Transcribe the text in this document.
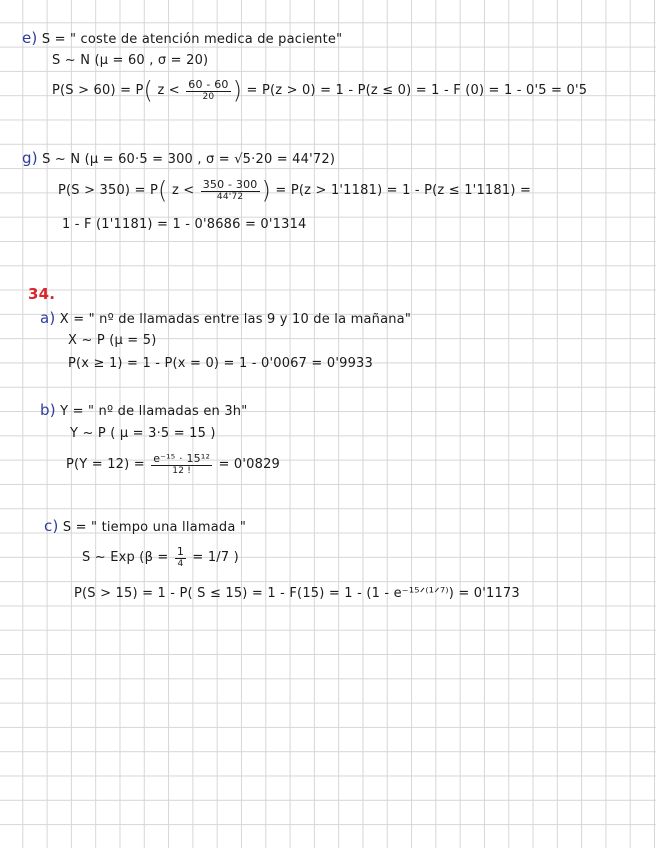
e) S = " coste de atención medica de paciente"
S ~ N (μ = 60 , σ = 20)
P(S > 60) = P( $z < \frac{60 - 60}{20}$ ) = P(z > 0) = 1 - P(z ≤ 0) = 1 - F (0) = 1 - 0'5 = 0'5
g) S ~ N (μ = 60·5 = 300 , σ = √5·20 = 44'72)
P(S > 350) = P( $z < \frac{350 - 300}{44'72}$ ) = P(z > 1'1181) = 1 - P(z ≤ 1'1181) =
1 - F (1'1181) = 1 - 0'8686 = 0'1314
34.
a) X = " nº de llamadas entre las 9 y 10 de la mañana"
X ~ P (μ = 5)
P(x ≥ 1) = 1 - P(x = 0) = 1 - 0'0067 = 0'9933
b) Y = " nº de llamadas en 3h"
Y ~ P ( μ = 3·5 = 15 )
$P(Y = 12) = \frac{\text{e⁻¹⁵ · 15¹²}}{12 !} = 0'0829$
c) S = " tiempo una llamada "
S ~ Exp ($\beta = \frac{1}{4} = 1/7$ )
P(S > 15) = 1 - P( S ≤ 15) = 1 - F(15) = 1 - (1 - e⁻¹⁵ᐟ⁽¹ᐟ⁷⁾) = 0'1173
